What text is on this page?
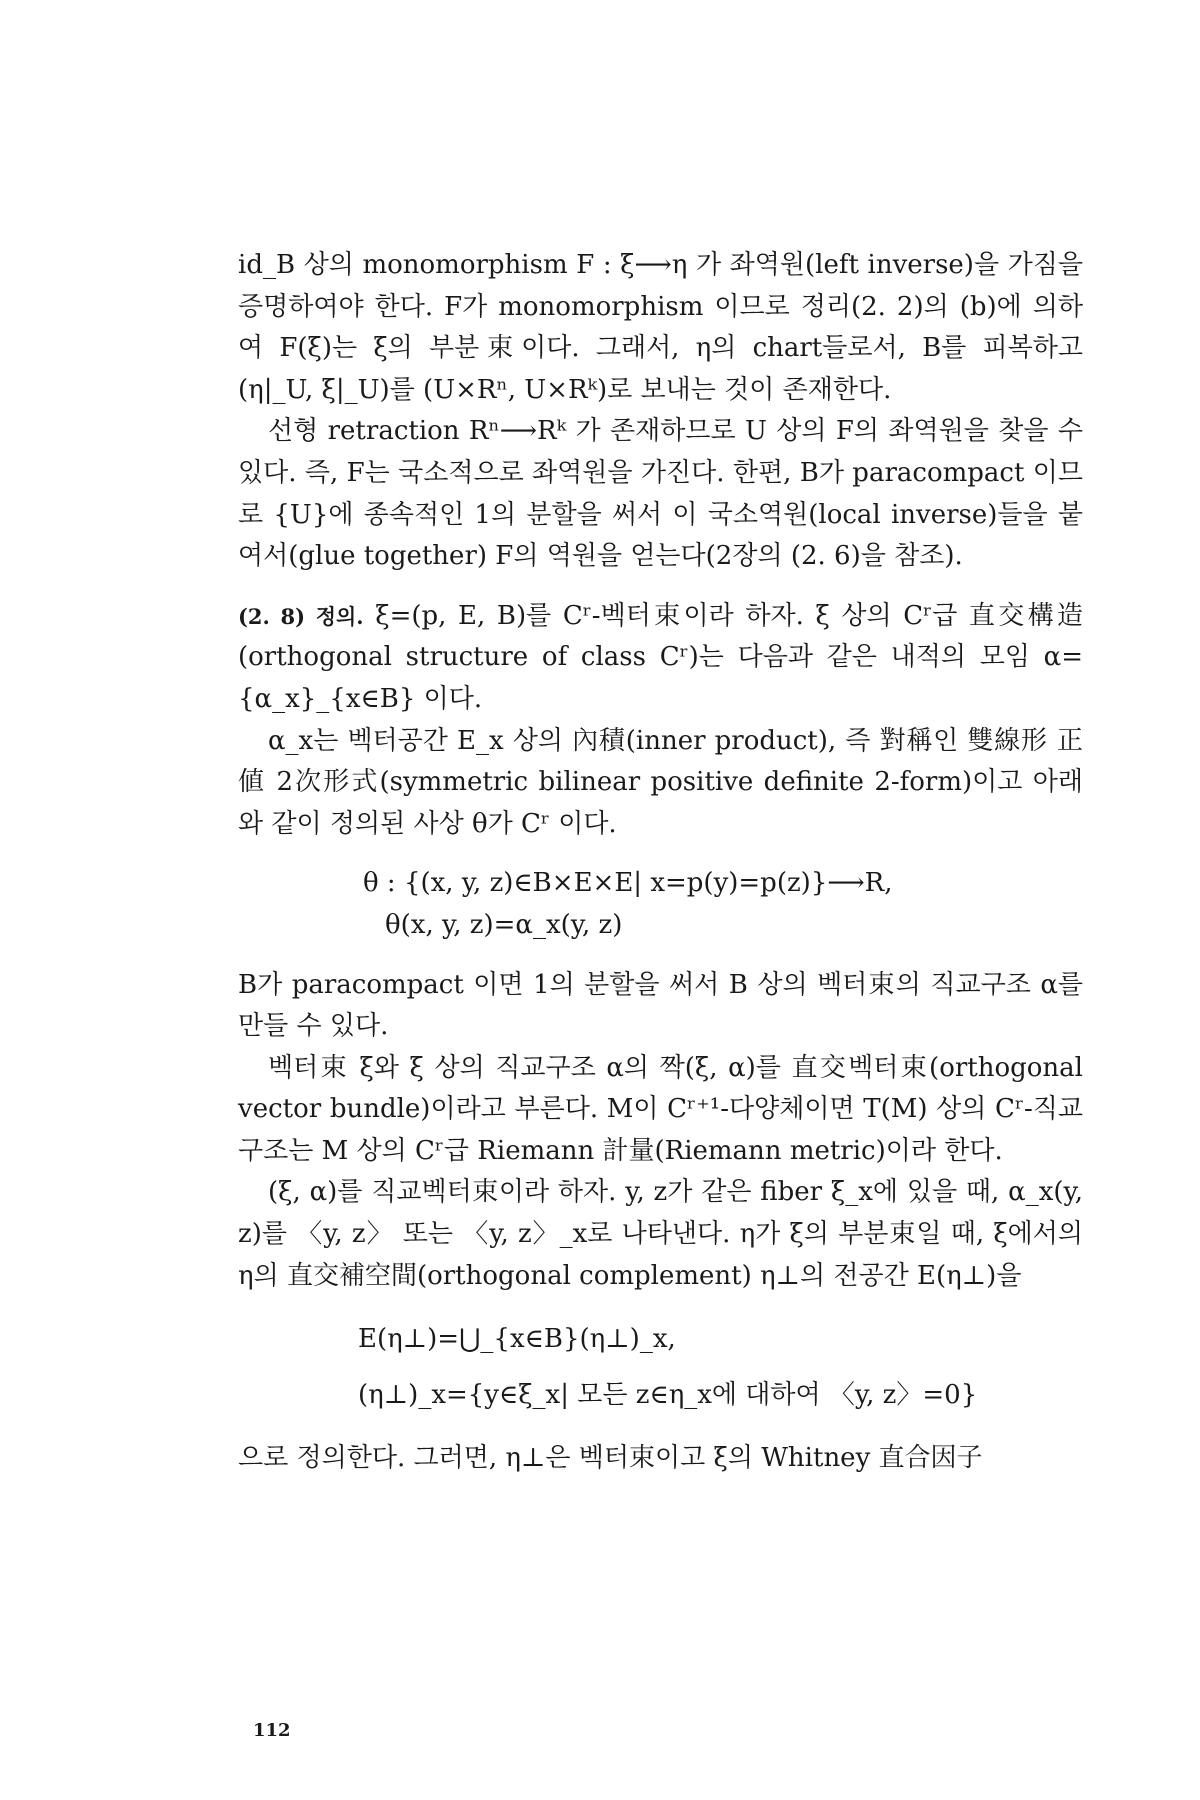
id_B 상의 monomorphism F : ξ⟶η 가 좌역원(left inverse)을 가짐을 증명하여야 한다. F가 monomorphism 이므로 정리(2. 2)의 (b)에 의하여 F(ξ)는 ξ의 부분束이다. 그래서, η의 chart들로서, B를 피복하고 (η|_U, ξ|_U)를 (U×Rⁿ, U×Rᵏ)로 보내는 것이 존재한다.

선형 retraction Rⁿ⟶Rᵏ 가 존재하므로 U 상의 F의 좌역원을 찾을 수 있다. 즉, F는 국소적으로 좌역원을 가진다. 한편, B가 paracompact 이므로 {U}에 종속적인 1의 분할을 써서 이 국소역원(local inverse)들을 붙여서(glue together) F의 역원을 얻는다(2장의 (2. 6)을 참조).

(2. 8) 정의. ξ=(p, E, B)를 Cʳ-벡터束이라 하자. ξ 상의 Cʳ급 直交構造(orthogonal structure of class Cʳ)는 다음과 같은 내적의 모임 α={α_x}_{x∈B} 이다.

α_x는 벡터공간 E_x 상의 內積(inner product), 즉 對稱인 雙線形 正値 2次形式(symmetric bilinear positive definite 2-form)이고 아래와 같이 정의된 사상 θ가 Cʳ 이다.

θ : {(x, y, z)∈B×E×E| x=p(y)=p(z)}⟶R,
θ(x, y, z)=α_x(y, z)

B가 paracompact 이면 1의 분할을 써서 B 상의 벡터束의 직교구조 α를 만들 수 있다.

벡터束 ξ와 ξ 상의 직교구조 α의 짝(ξ, α)를 直交벡터束(orthogonal vector bundle)이라고 부른다. M이 Cʳ⁺¹-다양체이면 T(M) 상의 Cʳ-직교구조는 M 상의 Cʳ급 Riemann 計量(Riemann metric)이라 한다.

(ξ, α)를 직교벡터束이라 하자. y, z가 같은 fiber ξ_x에 있을 때, α_x(y, z)를 〈y, z〉 또는 〈y, z〉_x로 나타낸다. η가 ξ의 부분束일 때, ξ에서의 η의 直交補空間(orthogonal complement) η⊥의 전공간 E(η⊥)을

E(η⊥)=⋃_{x∈B}(η⊥)_x,
(η⊥)_x={y∈ξ_x| 모든 z∈η_x에 대하여 〈y, z〉=0}

으로 정의한다. 그러면, η⊥은 벡터束이고 ξ의 Whitney 直合因子

112
